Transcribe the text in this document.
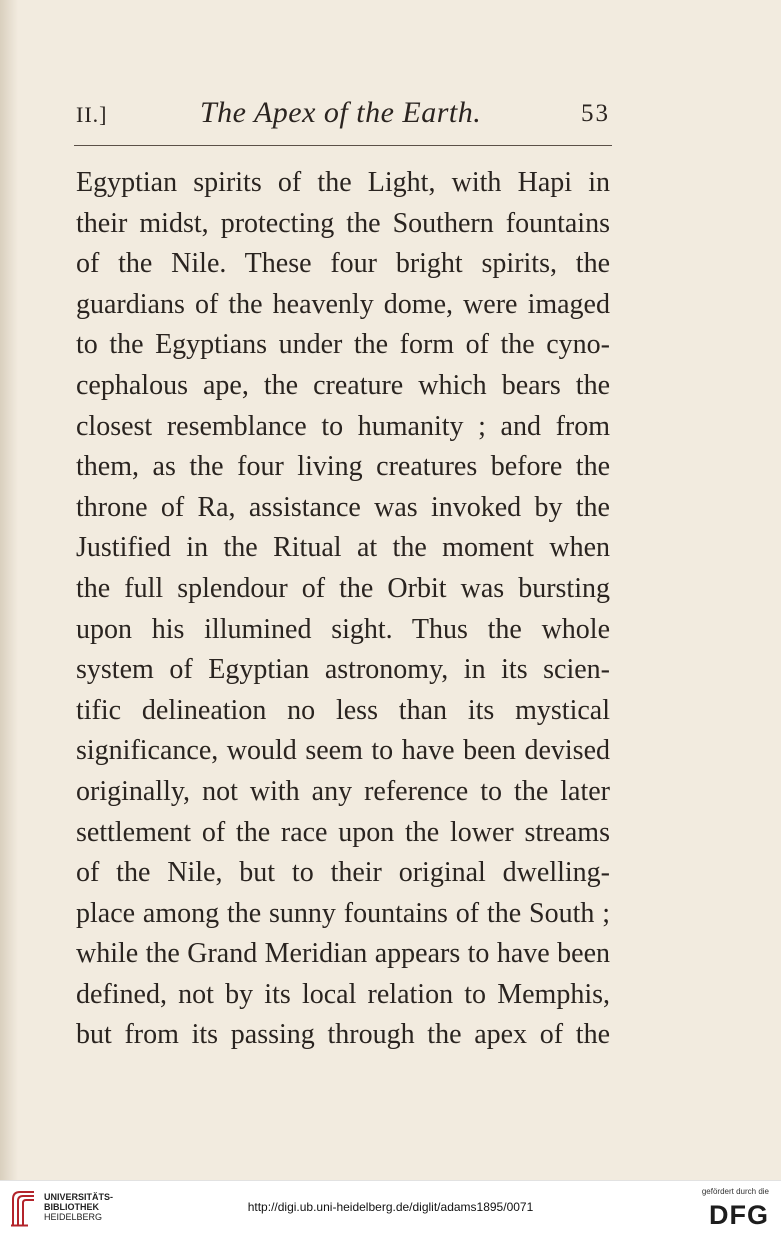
II.]	The Apex of the Earth.	53
Egyptian spirits of the Light, with Hapi in
their midst, protecting the Southern fountains
of the Nile. These four bright spirits, the
guardians of the heavenly dome, were imaged
to the Egyptians under the form of the cyno-
cephalous ape, the creature which bears the
closest resemblance to humanity ; and from
them, as the four living creatures before the
throne of Ra, assistance was invoked by the
Justified in the Ritual at the moment when
the full splendour of the Orbit was bursting
upon his illumined sight. Thus the whole
system of Egyptian astronomy, in its scien-
tific delineation no less than its mystical
significance, would seem to have been devised
originally, not with any reference to the later
settlement of the race upon the lower streams
of the Nile, but to their original dwelling-
place among the sunny fountains of the South ;
while the Grand Meridian appears to have been
defined, not by its local relation to Memphis,
but from its passing through the apex of the
UNIVERSITÄTS-
BIBLIOTHEK
HEIDELBERG
http://digi.ub.uni-heidelberg.de/diglit/adams1895/0071
gefördert durch die
DFG
